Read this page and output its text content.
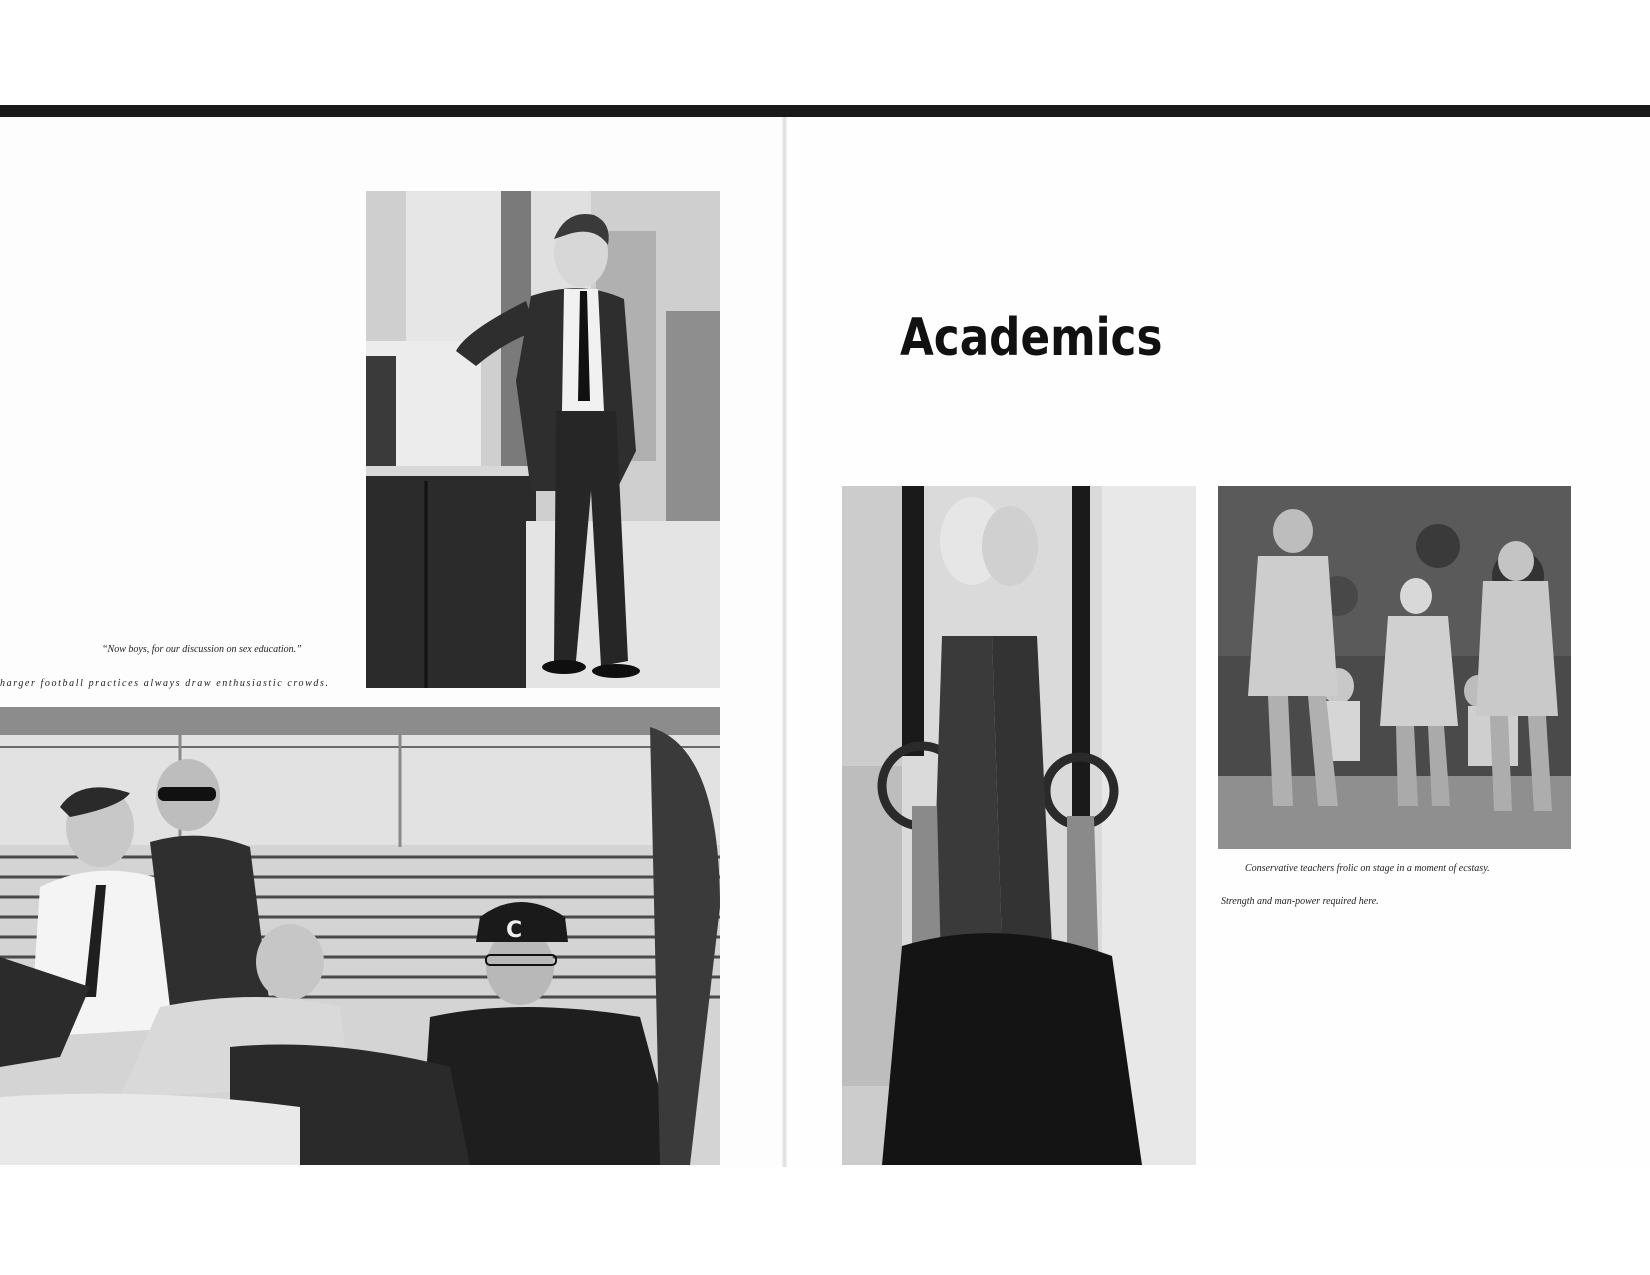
“Now boys, for our discussion on sex education.”
harger football practices always draw enthusiastic crowds.
C
Academics
Conservative teachers frolic on stage in a moment of ecstasy.
Strength and man-power required here.
